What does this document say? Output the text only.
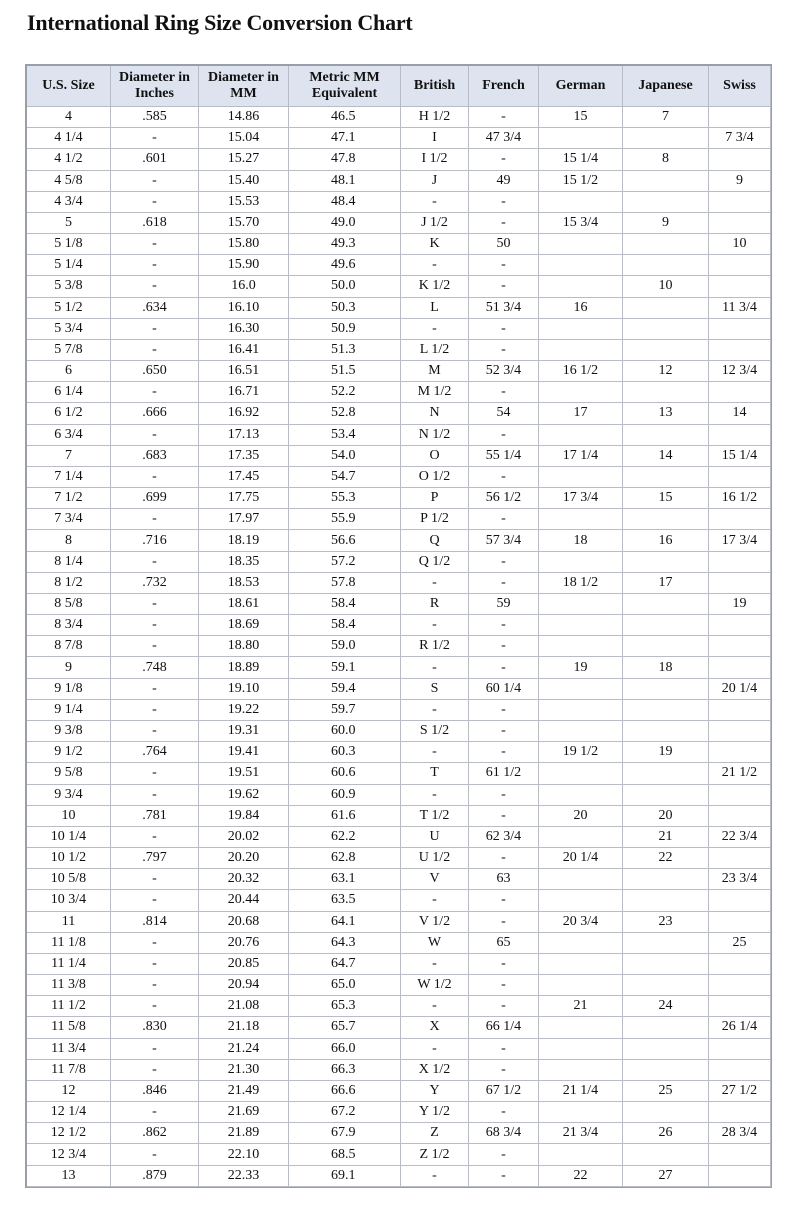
International Ring Size Conversion Chart
U.S. Size	Diameter in Inches	Diameter in MM	Metric MM Equivalent	British	French	German	Japanese	Swiss
4	.585	14.86	46.5	H 1/2	-	15	7	
4 1/4	-	15.04	47.1	I	47 3/4			7 3/4
4 1/2	.601	15.27	47.8	I 1/2	-	15 1/4	8	
4 5/8	-	15.40	48.1	J	49	15 1/2		9
4 3/4	-	15.53	48.4	-	-			
5	.618	15.70	49.0	J 1/2	-	15 3/4	9	
5 1/8	-	15.80	49.3	K	50			10
5 1/4	-	15.90	49.6	-	-			
5 3/8	-	16.0	50.0	K 1/2	-		10	
5 1/2	.634	16.10	50.3	L	51 3/4	16		11 3/4
5 3/4	-	16.30	50.9	-	-			
5 7/8	-	16.41	51.3	L 1/2	-			
6	.650	16.51	51.5	M	52 3/4	16 1/2	12	12 3/4
6 1/4	-	16.71	52.2	M 1/2	-			
6 1/2	.666	16.92	52.8	N	54	17	13	14
6 3/4	-	17.13	53.4	N 1/2	-			
7	.683	17.35	54.0	O	55 1/4	17 1/4	14	15 1/4
7 1/4	-	17.45	54.7	O 1/2	-			
7 1/2	.699	17.75	55.3	P	56 1/2	17 3/4	15	16 1/2
7 3/4	-	17.97	55.9	P 1/2	-			
8	.716	18.19	56.6	Q	57 3/4	18	16	17 3/4
8 1/4	-	18.35	57.2	Q 1/2	-			
8 1/2	.732	18.53	57.8	-	-	18 1/2	17	
8 5/8	-	18.61	58.4	R	59			19
8 3/4	-	18.69	58.4	-	-			
8 7/8	-	18.80	59.0	R 1/2	-			
9	.748	18.89	59.1	-	-	19	18	
9 1/8	-	19.10	59.4	S	60 1/4			20 1/4
9 1/4	-	19.22	59.7	-	-			
9 3/8	-	19.31	60.0	S 1/2	-			
9 1/2	.764	19.41	60.3	-	-	19 1/2	19	
9 5/8	-	19.51	60.6	T	61 1/2			21 1/2
9 3/4	-	19.62	60.9	-	-			
10	.781	19.84	61.6	T 1/2	-	20	20	
10 1/4	-	20.02	62.2	U	62 3/4		21	22 3/4
10 1/2	.797	20.20	62.8	U 1/2	-	20 1/4	22	
10 5/8	-	20.32	63.1	V	63			23 3/4
10 3/4	-	20.44	63.5	-	-			
11	.814	20.68	64.1	V 1/2	-	20 3/4	23	
11 1/8	-	20.76	64.3	W	65			25
11 1/4	-	20.85	64.7	-	-			
11 3/8	-	20.94	65.0	W 1/2	-			
11 1/2	-	21.08	65.3	-	-	21	24	
11 5/8	.830	21.18	65.7	X	66 1/4			26 1/4
11 3/4	-	21.24	66.0	-	-			
11 7/8	-	21.30	66.3	X 1/2	-			
12	.846	21.49	66.6	Y	67 1/2	21 1/4	25	27 1/2
12 1/4	-	21.69	67.2	Y 1/2	-			
12 1/2	.862	21.89	67.9	Z	68 3/4	21 3/4	26	28 3/4
12 3/4	-	22.10	68.5	Z 1/2	-			
13	.879	22.33	69.1	-	-	22	27	
